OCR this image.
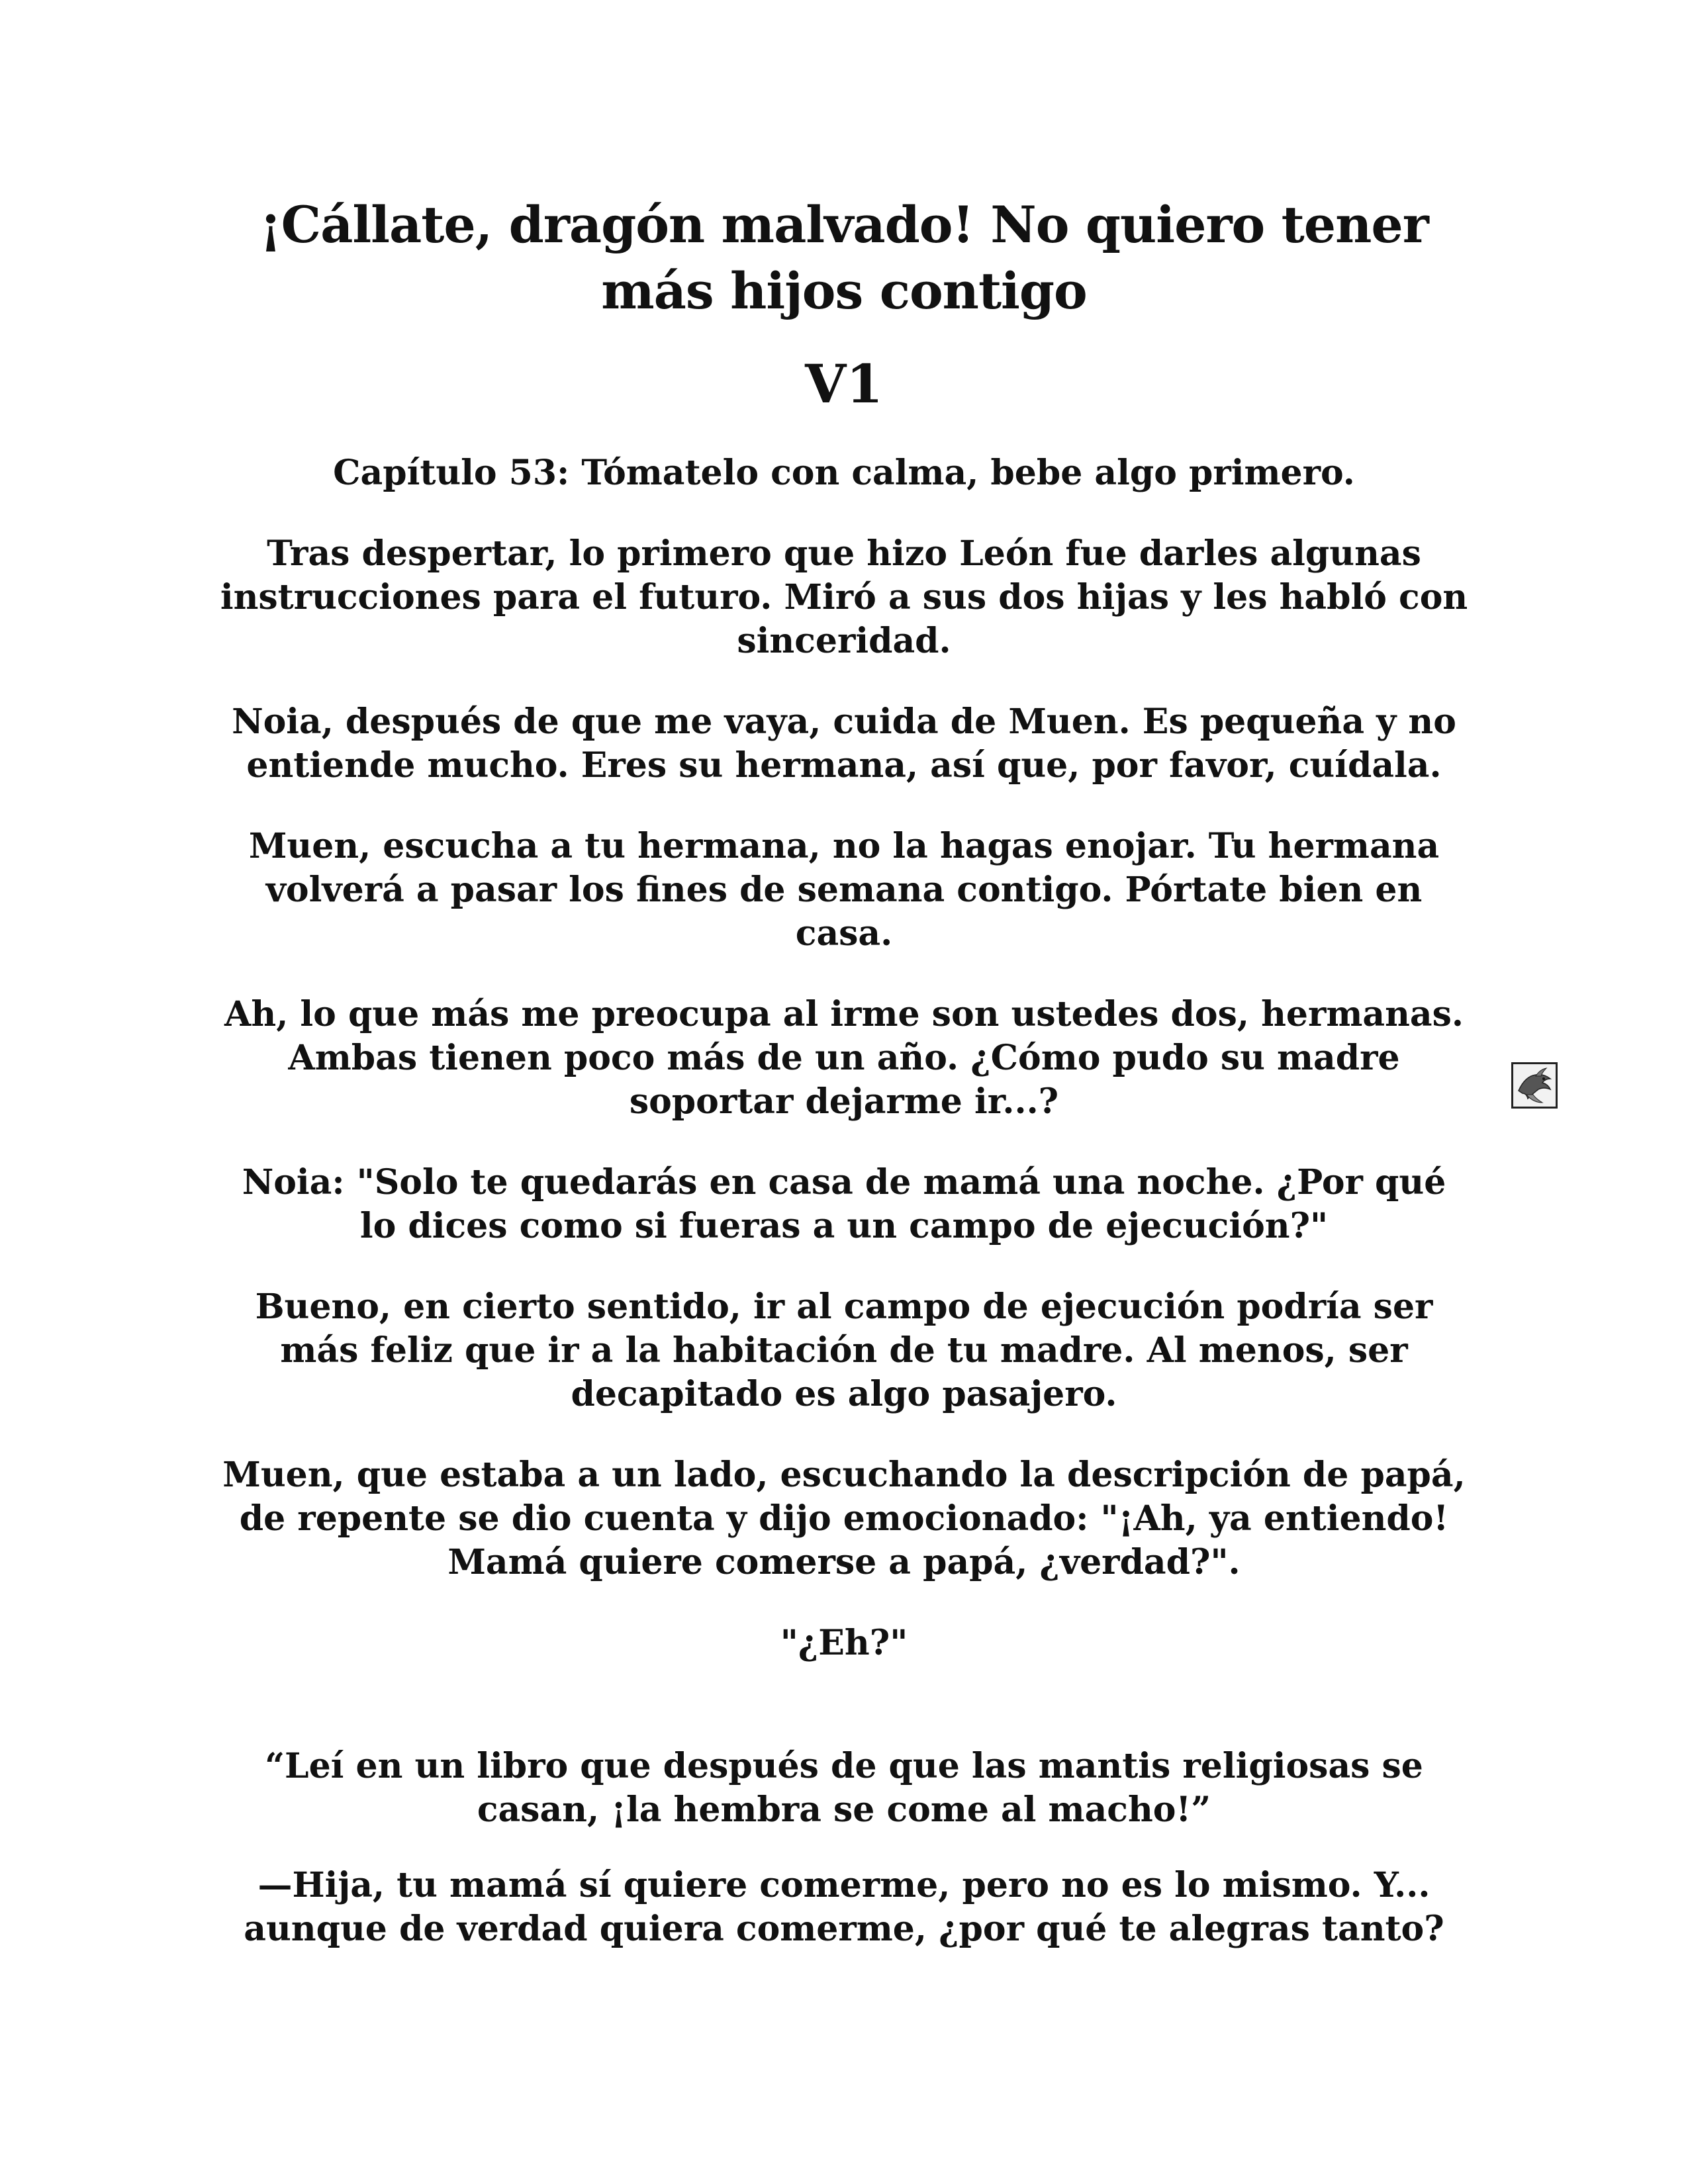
¡Cállate, dragón malvado! No quiero tener más hijos contigo
V1
Capítulo 53: Tómatelo con calma, bebe algo primero.

Tras despertar, lo primero que hizo León fue darles algunas instrucciones para el futuro. Miró a sus dos hijas y les habló con sinceridad.

Noia, después de que me vaya, cuida de Muen. Es pequeña y no entiende mucho. Eres su hermana, así que, por favor, cuídala.

Muen, escucha a tu hermana, no la hagas enojar. Tu hermana volverá a pasar los fines de semana contigo. Pórtate bien en casa.

Ah, lo que más me preocupa al irme son ustedes dos, hermanas. Ambas tienen poco más de un año. ¿Cómo pudo su madre soportar dejarme ir...?

Noia: "Solo te quedarás en casa de mamá una noche. ¿Por qué lo dices como si fueras a un campo de ejecución?"

Bueno, en cierto sentido, ir al campo de ejecución podría ser más feliz que ir a la habitación de tu madre. Al menos, ser decapitado es algo pasajero.

Muen, que estaba a un lado, escuchando la descripción de papá, de repente se dio cuenta y dijo emocionado: "¡Ah, ya entiendo! Mamá quiere comerse a papá, ¿verdad?".

"¿Eh?"

“Leí en un libro que después de que las mantis religiosas se casan, ¡la hembra se come al macho!”

—Hija, tu mamá sí quiere comerme, pero no es lo mismo. Y... aunque de verdad quiera comerme, ¿por qué te alegras tanto?
